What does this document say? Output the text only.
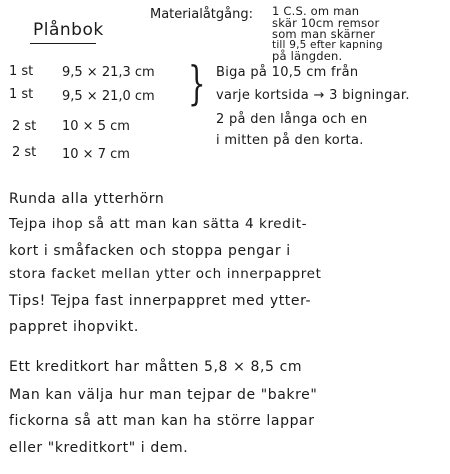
Plånbok
Materialåtgång: 1 C.S. om man
skär 10cm remsor
som man skärner
till 9,5 efter kapning
på längden.
1 st 9,5 × 21,3 cm
1 st 9,5 × 21,0 cm
2 st 10 × 5 cm
2 st 10 × 7 cm
} Biga på 10,5 cm från
varje kortsida → 3 bigningar.
2 på den långa och en
i mitten på den korta.
Runda alla ytterhörn
Tejpa ihop så att man kan sätta 4 kredit-
kort i småfacken och stoppa pengar i
stora facket mellan ytter och innerpappret
Tips! Tejpa fast innerpappret med ytter-
pappret ihopvikt.
Ett kreditkort har måtten 5,8 × 8,5 cm
Man kan välja hur man tejpar de "bakre"
fickorna så att man kan ha större lappar
eller "kreditkort" i dem.
